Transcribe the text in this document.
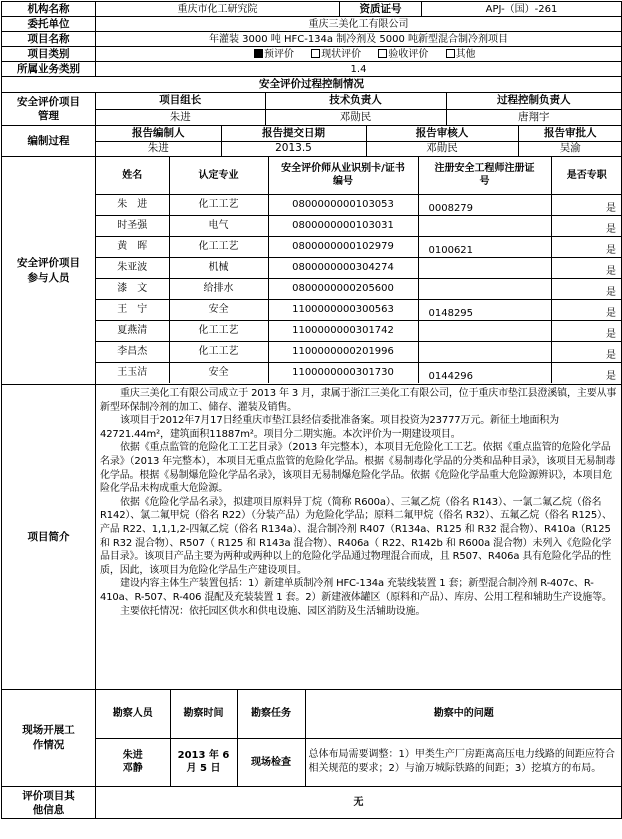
机构名称	重庆市化工研究院	资质证号	APJ-（国）-261
委托单位	重庆三美化工有限公司
项目名称	年灌装 3000 吨 HFC-134a 制冷剂及 5000 吨新型混合制冷剂项目
项目类别	预评价	现状评价	验收评价	其他
所属业务类别	1.4
安全评价过程控制情况
安全评价项目管理	
项目组长	技术负责人	过程控制负责人
朱进	邓勋民	唐翔宇

编制过程	
报告编制人	报告提交日期	报告审核人	报告审批人
朱进	2013.5	邓勋民	吴渝

安全评价项目参与人员	
姓名	认定专业	安全评价师从业识别卡/证书编号	注册安全工程师注册证号	是否专职
朱　进	化工工艺	0800000000103053	0008279	是
时圣强	电气	0800000000103031		是
黄　晖	化工工艺	0800000000102979	0100621	是
朱亚波	机械	0800000000304274		是
漆　文	给排水	0800000000205600		是
王　宁	安全	1100000000300563	0148295	是
夏燕清	化工工艺	1100000000301742		是
李昌杰	化工工艺	1100000000201996		是
王玉洁	安全	1100000000301730	0144296	是

项目简介	
重庆三美化工有限公司成立于 2013 年 3 月，隶属于浙江三美化工有限公司，位于重庆市垫江县澄溪镇，主要从事新型环保制冷剂的加工、储存、灌装及销售。
该项目于2012年7月17日经重庆市垫江县经信委批准备案。项目投资为23777万元。新征土地面积为42721.44m²，建筑面积11887m²。项目分二期实施。本次评价为一期建设项目。
依据《重点监管的危险化工工艺目录》（2013 年完整本），本项目无危险化工工艺。依据《重点监管的危险化学品名录》（2013 年完整本），本项目无重点监管的危险化学品。根据《易制毒化学品的分类和品种目录》，该项目无易制毒化学品。根据《易制爆危险化学品名录》，该项目无易制爆危险化学品。依据《危险化学品重大危险源辨识》，本项目危险化学品未构成重大危险源。
依据《危险化学品名录》，拟建项目原料异丁烷（简称 R600a）、三氟乙烷（俗名 R143）、一氯二氟乙烷（俗名 R142）、氯二氟甲烷（俗名 R22）（分装产品）为危险化学品；原料二氟甲烷（俗名 R32）、五氟乙烷（俗名 R125）、产品 R22、1,1,1,2-四氟乙烷（俗名 R134a）、混合制冷剂 R407（R134a、R125 和 R32 混合物）、R410a（R125 和 R32 混合物）、R507（ R125 和 R143a 混合物）、R406a（ R22、R142b 和 R600a 混合物）未列入《危险化学品目录》。该项目产品主要为两种或两种以上的危险化学品通过物理混合而成，且 R507、R406a 具有危险化学品的性质，因此，该项目为危险化学品生产建设项目。
建设内容主体生产装置包括：1）新建单质制冷剂 HFC-134a 充装线装置 1 套；新型混合制冷剂 R-407c、R-410a、R-507、R-406 混配及充装装置 1 套。2）新建液体罐区（原料和产品）、库房、公用工程和辅助生产设施等。
主要依托情况：依托园区供水和供电设施、园区消防及生活辅助设施。

现场开展工作情况	
勘察人员	勘察时间	勘察任务	勘察中的问题
朱进 邓静	2013 年 6 月 5 日	现场检查	总体布局需要调整：1）甲类生产厂房距离高压电力线路的间距应符合相关规范的要求；2）与渝万城际铁路的间距；3）挖填方的布局。

评价项目其他信息	无
